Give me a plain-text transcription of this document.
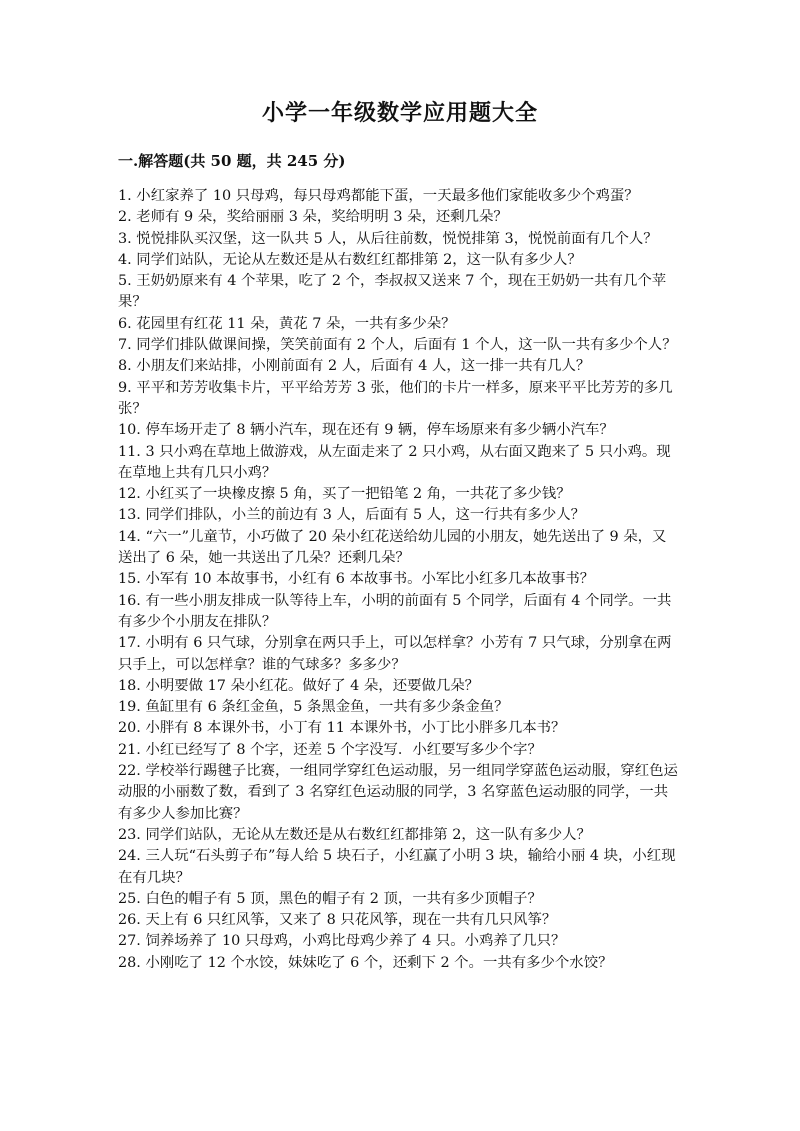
小学一年级数学应用题大全
一.解答题(共 50 题，共 245 分)
1. 小红家养了 10 只母鸡，每只母鸡都能下蛋，一天最多他们家能收多少个鸡蛋？
2. 老师有 9 朵，奖给丽丽 3 朵，奖给明明 3 朵，还剩几朵？
3. 悦悦排队买汉堡，这一队共 5 人，从后往前数，悦悦排第 3，悦悦前面有几个人？
4. 同学们站队，无论从左数还是从右数红红都排第 2，这一队有多少人？
5. 王奶奶原来有 4 个苹果，吃了 2 个，李叔叔又送来 7 个，现在王奶奶一共有几个苹果？
6. 花园里有红花 11 朵，黄花 7 朵，一共有多少朵？
7. 同学们排队做课间操，笑笑前面有 2 个人，后面有 1 个人，这一队一共有多少个人？
8. 小朋友们来站排，小刚前面有 2 人，后面有 4 人，这一排一共有几人？
9. 平平和芳芳收集卡片，平平给芳芳 3 张，他们的卡片一样多，原来平平比芳芳的多几张？
10. 停车场开走了 8 辆小汽车，现在还有 9 辆，停车场原来有多少辆小汽车？
11. 3 只小鸡在草地上做游戏，从左面走来了 2 只小鸡，从右面又跑来了 5 只小鸡。现在草地上共有几只小鸡？
12. 小红买了一块橡皮擦 5 角，买了一把铅笔 2 角，一共花了多少钱？
13. 同学们排队，小兰的前边有 3 人，后面有 5 人，这一行共有多少人？
14. “六一”儿童节，小巧做了 20 朵小红花送给幼儿园的小朋友，她先送出了 9 朵，又送出了 6 朵，她一共送出了几朵？还剩几朵？
15. 小军有 10 本故事书，小红有 6 本故事书。小军比小红多几本故事书？
16. 有一些小朋友排成一队等待上车，小明的前面有 5 个同学，后面有 4 个同学。一共有多少个小朋友在排队？
17. 小明有 6 只气球，分别拿在两只手上，可以怎样拿？小芳有 7 只气球，分别拿在两只手上，可以怎样拿？谁的气球多？多多少？
18. 小明要做 17 朵小红花。做好了 4 朵，还要做几朵？
19. 鱼缸里有 6 条红金鱼，5 条黑金鱼，一共有多少条金鱼？
20. 小胖有 8 本课外书，小丁有 11 本课外书，小丁比小胖多几本书？
21. 小红已经写了 8 个字，还差 5 个字没写．小红要写多少个字？
22. 学校举行踢毽子比赛，一组同学穿红色运动服，另一组同学穿蓝色运动服，穿红色运动服的小丽数了数，看到了 3 名穿红色运动服的同学，3 名穿蓝色运动服的同学，一共有多少人参加比赛？
23. 同学们站队，无论从左数还是从右数红红都排第 2，这一队有多少人？
24. 三人玩“石头剪子布”每人给 5 块石子，小红赢了小明 3 块，输给小丽 4 块，小红现在有几块？
25. 白色的帽子有 5 顶，黑色的帽子有 2 顶，一共有多少顶帽子？
26. 天上有 6 只红风筝，又来了 8 只花风筝，现在一共有几只风筝？
27. 饲养场养了 10 只母鸡，小鸡比母鸡少养了 4 只。小鸡养了几只？
28. 小刚吃了 12 个水饺，妹妹吃了 6 个，还剩下 2 个。一共有多少个水饺？
